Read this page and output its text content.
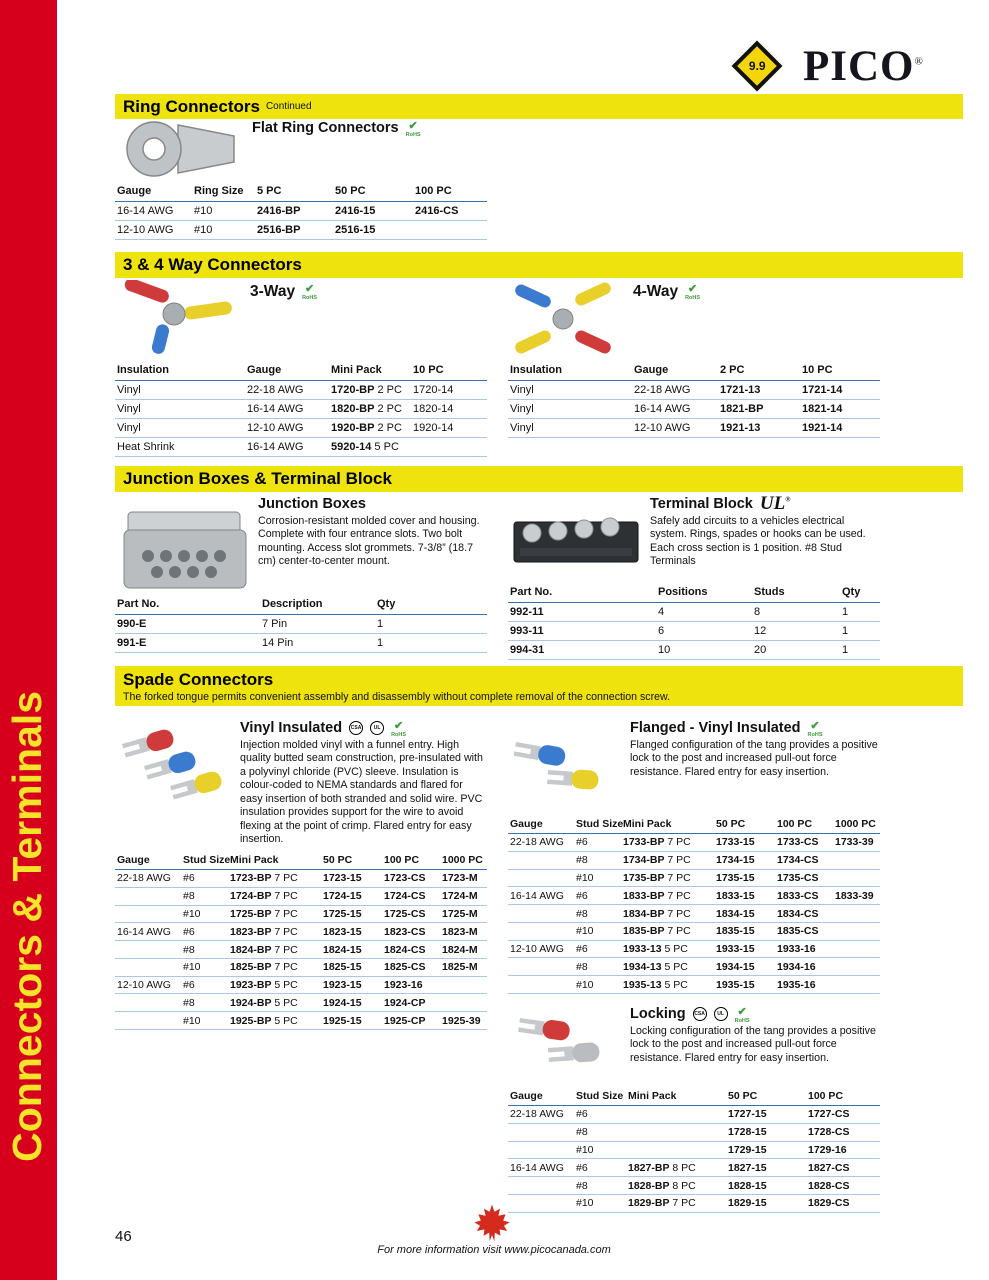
Connectors & Terminals
9.9 PICO®
Ring Connectors Continued
Flat Ring Connectors ✔
RoHS
Gauge	Ring Size	5 PC	50 PC	100 PC
16-14 AWG	#10	2416-BP	2416-15	2416-CS
12-10 AWG	#10	2516-BP	2516-15	
3 & 4 Way Connectors
3-Way ✔
RoHS	4-Way ✔
RoHS
Insulation	Gauge	Mini Pack	10 PC
Vinyl	22-18 AWG	1720-BP 2 PC	1720-14
Vinyl	16-14 AWG	1820-BP 2 PC	1820-14
Vinyl	12-10 AWG	1920-BP 2 PC	1920-14
Heat Shrink	16-14 AWG	5920-14 5 PC	
Insulation	Gauge	2 PC	10 PC
Vinyl	22-18 AWG	1721-13	1721-14
Vinyl	16-14 AWG	1821-BP	1821-14
Vinyl	12-10 AWG	1921-13	1921-14
Junction Boxes & Terminal Block
Junction Boxes
Corrosion-resistant molded cover and housing. Complete with four entrance slots. Two bolt mounting. Access slot grommets. 7-3/8” (18.7 cm) center-to-center mount.
Part No.	Description	Qty
990-E	7 Pin	1
991-E	14 Pin	1
Terminal Block UL®
Safely add circuits to a vehicles electrical system. Rings, spades or hooks can be used. Each cross section is 1 position. #8 Stud Terminals
Part No.	Positions	Studs	Qty
992-11	4	8	1
993-11	6	12	1
994-31	10	20	1
Spade Connectors
The forked tongue permits convenient assembly and disassembly without complete removal of the connection screw.
Vinyl Insulated CSA UL ✔
RoHS
Injection molded vinyl with a funnel entry. High quality butted seam construction, pre-insulated with a polyvinyl chloride (PVC) sleeve. Insulation is colour-coded to NEMA standards and flared for easy insertion of both stranded and solid wire. PVC insulation provides support for the wire to avoid flexing at the point of crimp. Flared entry for easy insertion.
Gauge	Stud Size	Mini Pack	50 PC	100 PC	1000 PC
22-18 AWG	#6	1723-BP 7 PC	1723-15	1723-CS	1723-M
	#8	1724-BP 7 PC	1724-15	1724-CS	1724-M
	#10	1725-BP 7 PC	1725-15	1725-CS	1725-M
16-14 AWG	#6	1823-BP 7 PC	1823-15	1823-CS	1823-M
	#8	1824-BP 7 PC	1824-15	1824-CS	1824-M
	#10	1825-BP 7 PC	1825-15	1825-CS	1825-M
12-10 AWG	#6	1923-BP 5 PC	1923-15	1923-16	
	#8	1924-BP 5 PC	1924-15	1924-CP	
	#10	1925-BP 5 PC	1925-15	1925-CP	1925-39
Flanged - Vinyl Insulated ✔
RoHS
Flanged configuration of the tang provides a positive lock to the post and increased pull-out force resistance. Flared entry for easy insertion.
Gauge	Stud Size	Mini Pack	50 PC	100 PC	1000 PC
22-18 AWG	#6	1733-BP 7 PC	1733-15	1733-CS	1733-39
	#8	1734-BP 7 PC	1734-15	1734-CS	
	#10	1735-BP 7 PC	1735-15	1735-CS	
16-14 AWG	#6	1833-BP 7 PC	1833-15	1833-CS	1833-39
	#8	1834-BP 7 PC	1834-15	1834-CS	
	#10	1835-BP 7 PC	1835-15	1835-CS	
12-10 AWG	#6	1933-13 5 PC	1933-15	1933-16	
	#8	1934-13 5 PC	1934-15	1934-16	
	#10	1935-13 5 PC	1935-15	1935-16	
Locking CSA UL ✔
RoHS
Locking configuration of the tang provides a positive lock to the post and increased pull-out force resistance. Flared entry for easy insertion.
Gauge	Stud Size	Mini Pack	50 PC	100 PC
22-18 AWG	#6		1727-15	1727-CS
	#8		1728-15	1728-CS
	#10		1729-15	1729-16
16-14 AWG	#6	1827-BP 8 PC	1827-15	1827-CS
	#8	1828-BP 8 PC	1828-15	1828-CS
	#10	1829-BP 7 PC	1829-15	1829-CS
46
For more information visit www.picocanada.com
